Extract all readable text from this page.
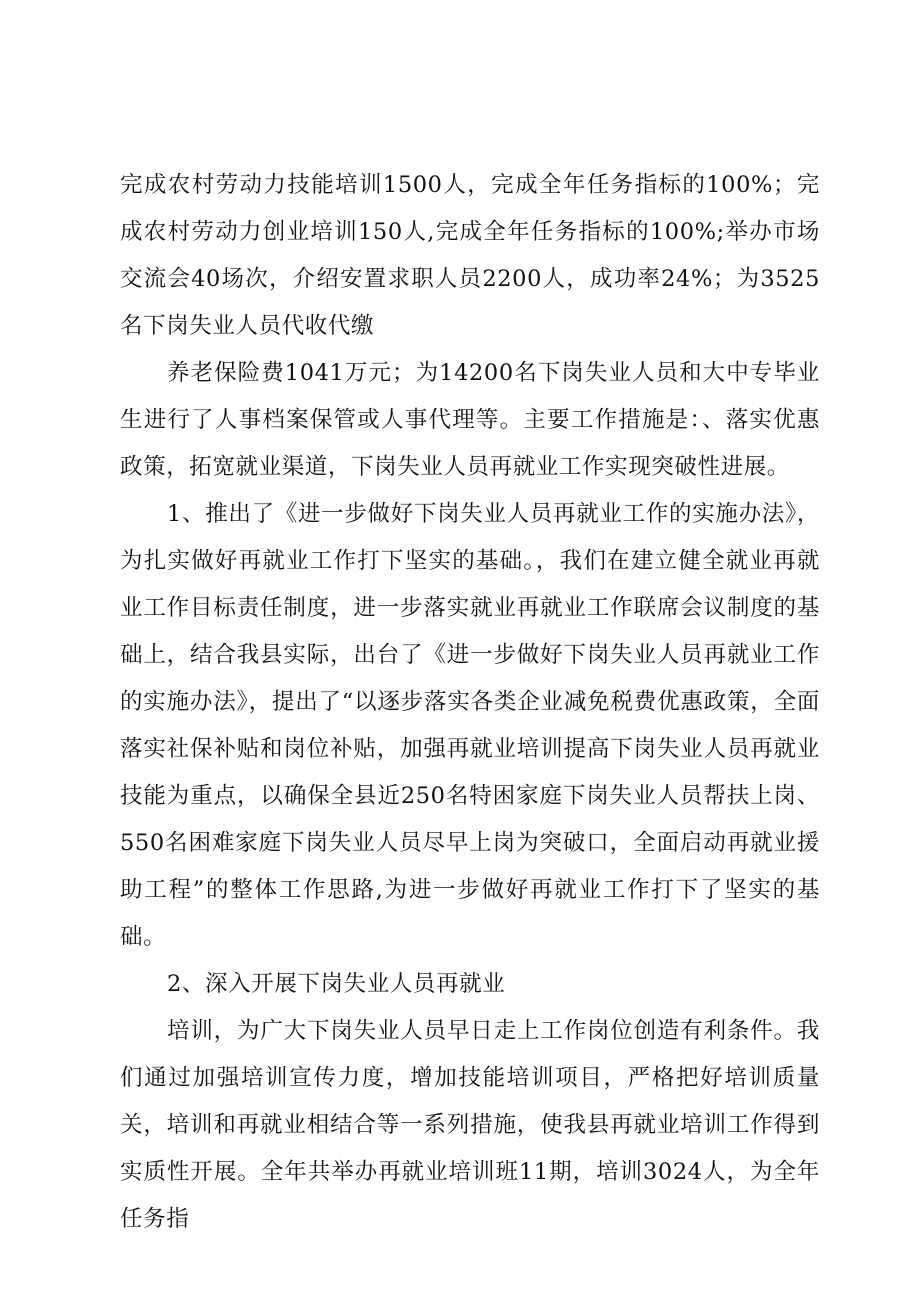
完成农村劳动力技能培训1500人，完成全年任务指标的100%；完成农村劳动力创业培训150人,完成全年任务指标的100%;举办市场交流会40场次，介绍安置求职人员2200人，成功率24%；为3525名下岗失业人员代收代缴

养老保险费1041万元；为14200名下岗失业人员和大中专毕业生进行了人事档案保管或人事代理等。主要工作措施是：、落实优惠政策，拓宽就业渠道，下岗失业人员再就业工作实现突破性进展。

1、推出了《进一步做好下岗失业人员再就业工作的实施办法》，为扎实做好再就业工作打下坚实的基础。，我们在建立健全就业再就业工作目标责任制度，进一步落实就业再就业工作联席会议制度的基础上，结合我县实际，出台了《进一步做好下岗失业人员再就业工作的实施办法》，提出了“以逐步落实各类企业减免税费优惠政策，全面落实社保补贴和岗位补贴，加强再就业培训提高下岗失业人员再就业技能为重点，以确保全县近250名特困家庭下岗失业人员帮扶上岗、550名困难家庭下岗失业人员尽早上岗为突破口，全面启动再就业援助工程”的整体工作思路,为进一步做好再就业工作打下了坚实的基础。

2、深入开展下岗失业人员再就业

培训，为广大下岗失业人员早日走上工作岗位创造有利条件。我们通过加强培训宣传力度，增加技能培训项目，严格把好培训质量关，培训和再就业相结合等一系列措施，使我县再就业培训工作得到实质性开展。全年共举办再就业培训班11期，培训3024人，为全年任务指
